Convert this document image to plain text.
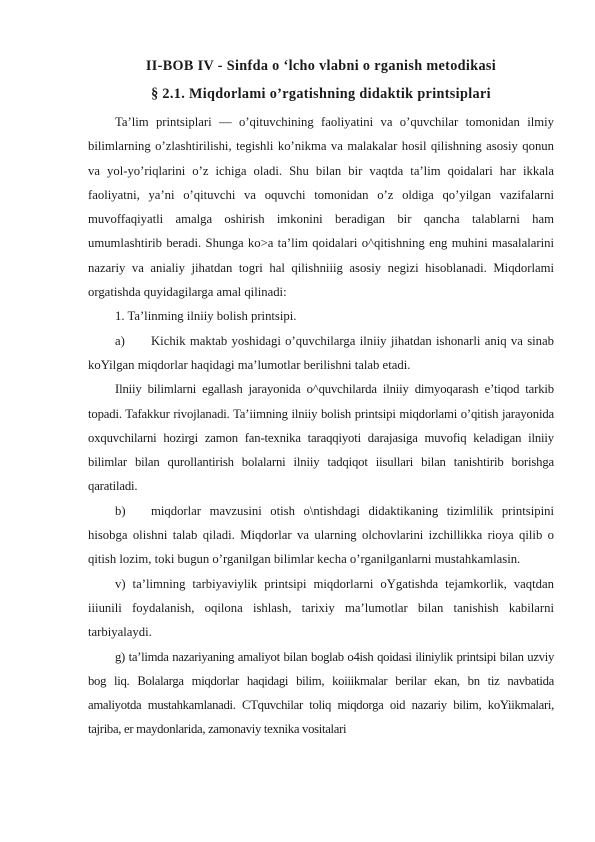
II-BOB IV - Sinfda o ‘lcho vlabni o rganish metodikasi
§ 2.1. Miqdorlami o’rgatishning didaktik printsiplari

Ta’lim printsiplari — o’qituvchining faoliyatini va o’quvchilar tomonidan ilmiy bilimlarning o’zlashtirilishi, tegishli ko’nikma va malakalar hosil qilishning asosiy qonun va yol-yo’riqlarini o’z ichiga oladi. Shu bilan bir vaqtda ta’lim qoidalari har ikkala faoliyatni, ya’ni o’qituvchi va oquvchi tomonidan o’z oldiga qo’yilgan vazifalarni muvoffaqiyatli amalga oshirish imkonini beradigan bir qancha talablarni ham umumlashtirib beradi. Shunga ko>a ta’lim qoidalari o^qitishning eng muhini masalalarini nazariy va anialiy jihatdan togri hal qilishniiig asosiy negizi hisoblanadi. Miqdorlami orgatishda quyidagilarga amal qilinadi:

1. Ta’linming ilniiy bolish printsipi.

a) Kichik maktab yoshidagi o’quvchilarga ilniiy jihatdan ishonarli aniq va sinab koYilgan miqdorlar haqidagi ma’lumotlar berilishni talab etadi.

Ilniiy bilimlarni egallash jarayonida o^quvchilarda ilniiy dimyoqarash e’tiqod tarkib topadi. Tafakkur rivojlanadi. Ta’iimning ilniiy bolish printsipi miqdorlami o’qitish jarayonida oxquvchilarni hozirgi zamon fan-texnika taraqqiyoti darajasiga muvofiq keladigan ilniiy bilimlar bilan qurollantirish bolalarni ilniiy tadqiqot iisullari bilan tanishtirib borishga qaratiladi.

b) miqdorlar mavzusini otish o\ntishdagi didaktikaning tizimlilik printsipini hisobga olishni talab qiladi. Miqdorlar va ularning olchovlarini izchillikka rioya qilib o qitish lozim, toki bugun o’rganilgan bilimlar kecha o’rganilganlarni mustahkamlasin.

v) ta’limning tarbiyaviylik printsipi miqdorlarni oYgatishda tejamkorlik, vaqtdan iiiunili foydalanish, oqilona ishlash, tarixiy ma’lumotlar bilan tanishish kabilarni tarbiyalaydi.

g) ta’limda nazariyaning amaliyot bilan boglab o4ish qoidasi iliniylik printsipi bilan uzviy bog liq. Bolalarga miqdorlar haqidagi bilim, koiiikmalar berilar ekan, bn tiz navbatida amaliyotda mustahkamlanadi. CTquvchilar toliq miqdorga oid nazariy bilim, koYiikmalari, tajriba, er maydonlarida, zamonaviy texnika vositalari
